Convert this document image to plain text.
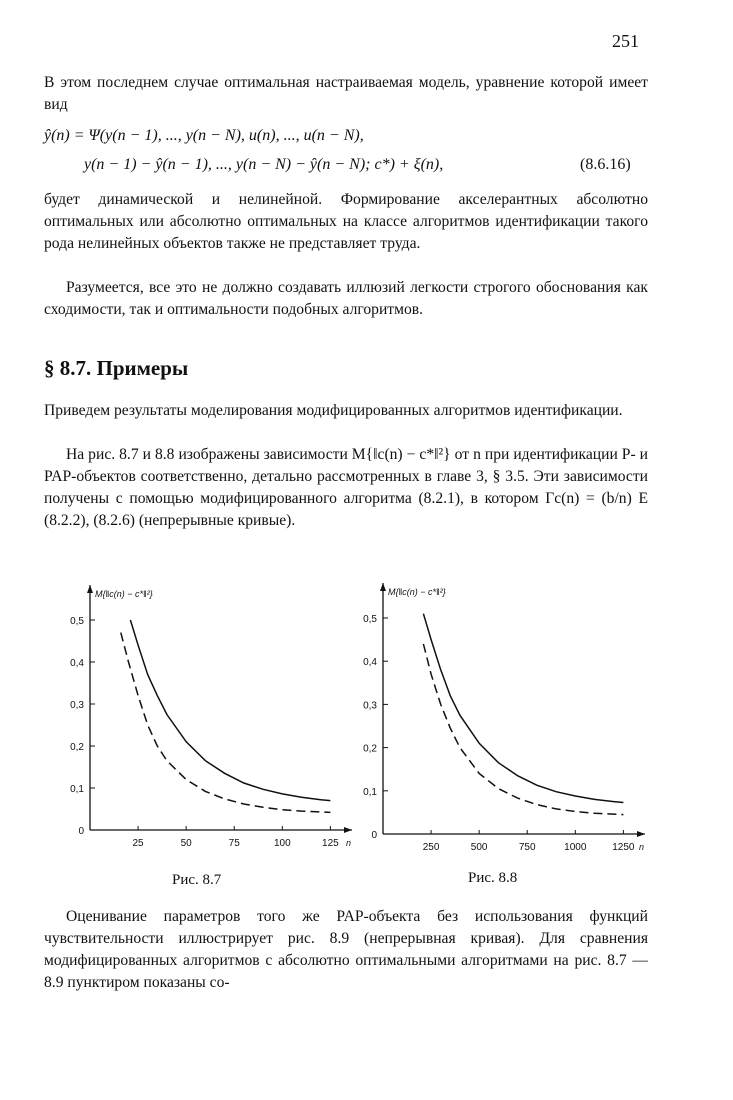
251

В этом последнем случае оптимальная настраиваемая модель, уравнение которой имеет вид

ŷ(n) = Ψ(y(n − 1), ..., y(n − N), u(n), ..., u(n − N),
y(n − 1) − ŷ(n − 1), ..., y(n − N) − ŷ(n − N); c*) + ξ(n),	(8.6.16)

будет динамической и нелинейной. Формирование акселерантных абсолютно оптимальных или абсолютно оптимальных на классе алгоритмов идентификации такого рода нелинейных объектов также не представляет труда.

Разумеется, все это не должно создавать иллюзий легкости строгого обоснования как сходимости, так и оптимальности подобных алгоритмов.

§ 8.7. Примеры

Приведем результаты моделирования модифицированных алгоритмов идентификации.

На рис. 8.7 и 8.8 изображены зависимости M{‖c(n) − c*‖²} от n при идентификации P- и PAP-объектов соответственно, детально рассмотренных в главе 3, § 3.5. Эти зависимости получены с помощью модифицированного алгоритма (8.2.1), в котором Γc(n) = (b/n) E (8.2.2), (8.2.6) (непрерывные кривые).

M{‖c(n) − c*‖²}
n
0
0,1
0,2
0,3
0,4
0,5
25	50	75	100	125
M{‖c(n) − c*‖²}
n
0
0,1
0,2
0,3
0,4
0,5
250	500	750	1000	1250
Рис. 8.7	Рис. 8.8

Оценивание параметров того же PAP-объекта без использования функций чувствительности иллюстрирует рис. 8.9 (непрерывная кривая). Для сравнения модифицированных алгоритмов с абсолютно оптимальными алгоритмами на рис. 8.7 — 8.9 пунктиром показаны со-
